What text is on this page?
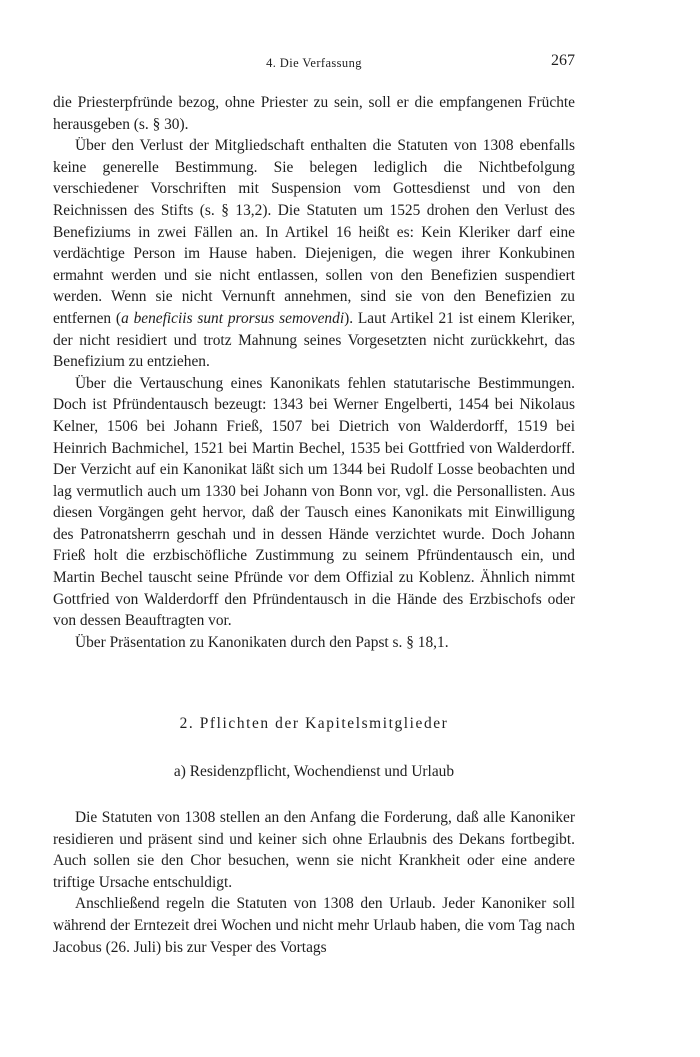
4. Die Verfassung	267

die Priesterpfründe bezog, ohne Priester zu sein, soll er die empfangenen Früchte herausgeben (s. § 30).

Über den Verlust der Mitgliedschaft enthalten die Statuten von 1308 ebenfalls keine generelle Bestimmung. Sie belegen lediglich die Nichtbefolgung verschiedener Vorschriften mit Suspension vom Gottesdienst und von den Reichnissen des Stifts (s. § 13,2). Die Statuten um 1525 drohen den Verlust des Benefiziums in zwei Fällen an. In Artikel 16 heißt es: Kein Kleriker darf eine verdächtige Person im Hause haben. Diejenigen, die wegen ihrer Konkubinen ermahnt werden und sie nicht entlassen, sollen von den Benefizien suspendiert werden. Wenn sie nicht Vernunft annehmen, sind sie von den Benefizien zu entfernen (a beneficiis sunt prorsus semovendi). Laut Artikel 21 ist einem Kleriker, der nicht residiert und trotz Mahnung seines Vorgesetzten nicht zurückkehrt, das Benefizium zu entziehen.

Über die Vertauschung eines Kanonikats fehlen statutarische Bestimmungen. Doch ist Pfründentausch bezeugt: 1343 bei Werner Engelberti, 1454 bei Nikolaus Kelner, 1506 bei Johann Frieß, 1507 bei Dietrich von Walderdorff, 1519 bei Heinrich Bachmichel, 1521 bei Martin Bechel, 1535 bei Gottfried von Walderdorff. Der Verzicht auf ein Kanonikat läßt sich um 1344 bei Rudolf Losse beobachten und lag vermutlich auch um 1330 bei Johann von Bonn vor, vgl. die Personallisten. Aus diesen Vorgängen geht hervor, daß der Tausch eines Kanonikats mit Einwilligung des Patronatsherrn geschah und in dessen Hände verzichtet wurde. Doch Johann Frieß holt die erzbischöfliche Zustimmung zu seinem Pfründentausch ein, und Martin Bechel tauscht seine Pfründe vor dem Offizial zu Koblenz. Ähnlich nimmt Gottfried von Walderdorff den Pfründentausch in die Hände des Erzbischofs oder von dessen Beauftragten vor.

Über Präsentation zu Kanonikaten durch den Papst s. § 18,1.

2. Pflichten der Kapitelsmitglieder
a) Residenzpflicht, Wochendienst und Urlaub

Die Statuten von 1308 stellen an den Anfang die Forderung, daß alle Kanoniker residieren und präsent sind und keiner sich ohne Erlaubnis des Dekans fortbegibt. Auch sollen sie den Chor besuchen, wenn sie nicht Krankheit oder eine andere triftige Ursache entschuldigt.

Anschließend regeln die Statuten von 1308 den Urlaub. Jeder Kanoniker soll während der Erntezeit drei Wochen und nicht mehr Urlaub haben, die vom Tag nach Jacobus (26. Juli) bis zur Vesper des Vortags
